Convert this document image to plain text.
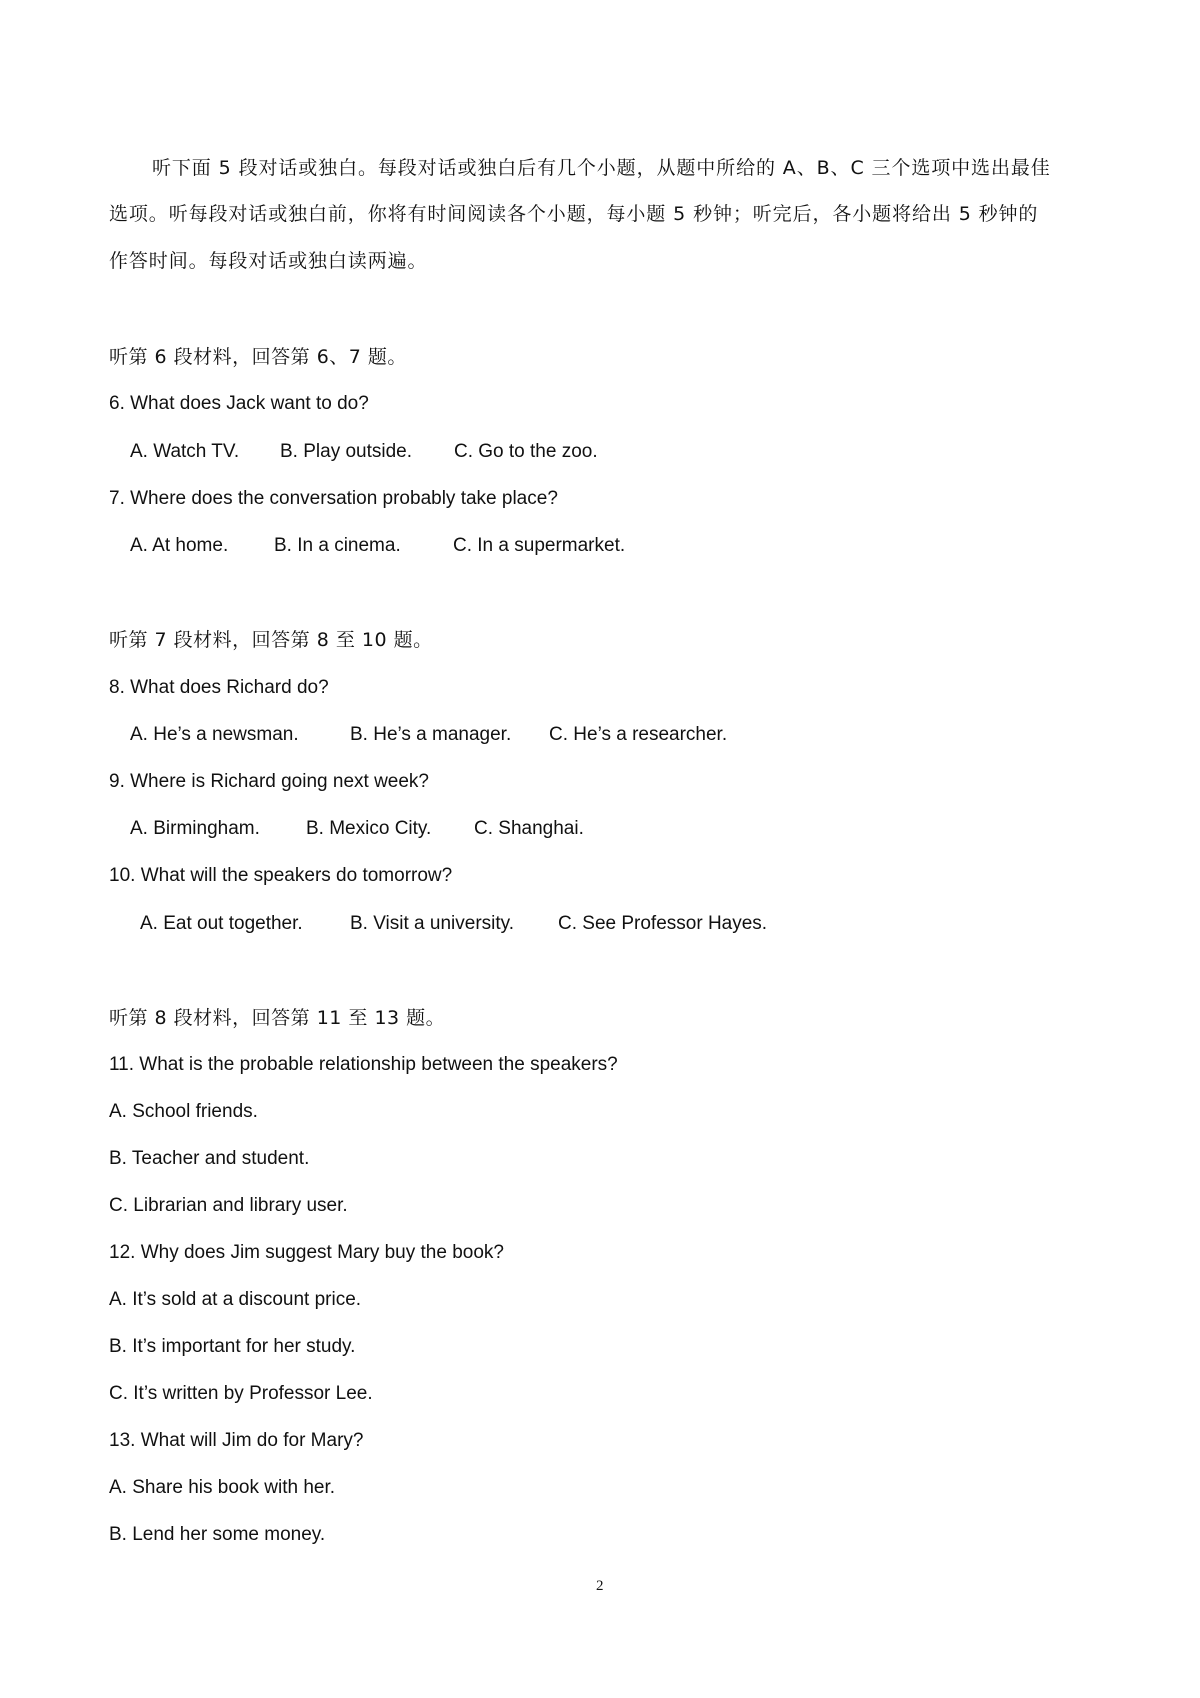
听下面 5 段对话或独白。每段对话或独白后有几个小题，从题中所给的 A、B、C 三个选项中选出最佳
选项。听每段对话或独白前，你将有时间阅读各个小题，每小题 5 秒钟；听完后，各小题将给出 5 秒钟的
作答时间。每段对话或独白读两遍。
听第 6 段材料，回答第 6、7 题。
6. What does Jack want to do?
A. Watch TV. B. Play outside. C. Go to the zoo.
7. Where does the conversation probably take place?
A. At home. B. In a cinema.	C. In a supermarket.
听第 7 段材料，回答第 8 至 10 题。
8. What does Richard do?
A. He’s a newsman.	B. He’s a manager. C. He’s a researcher.
9. Where is Richard going next week?
A. Birmingham. B. Mexico City. C. Shanghai.
10. What will the speakers do tomorrow?
A. Eat out together. B. Visit a university. C. See Professor Hayes.
听第 8 段材料，回答第 11 至 13 题。
11. What is the probable relationship between the speakers?
A. School friends.
B. Teacher and student.
C. Librarian and library user.
12. Why does Jim suggest Mary buy the book?
A. It’s sold at a discount price.
B. It’s important for her study.
C. It’s written by Professor Lee.
13. What will Jim do for Mary?
A. Share his book with her.
B. Lend her some money.
2
